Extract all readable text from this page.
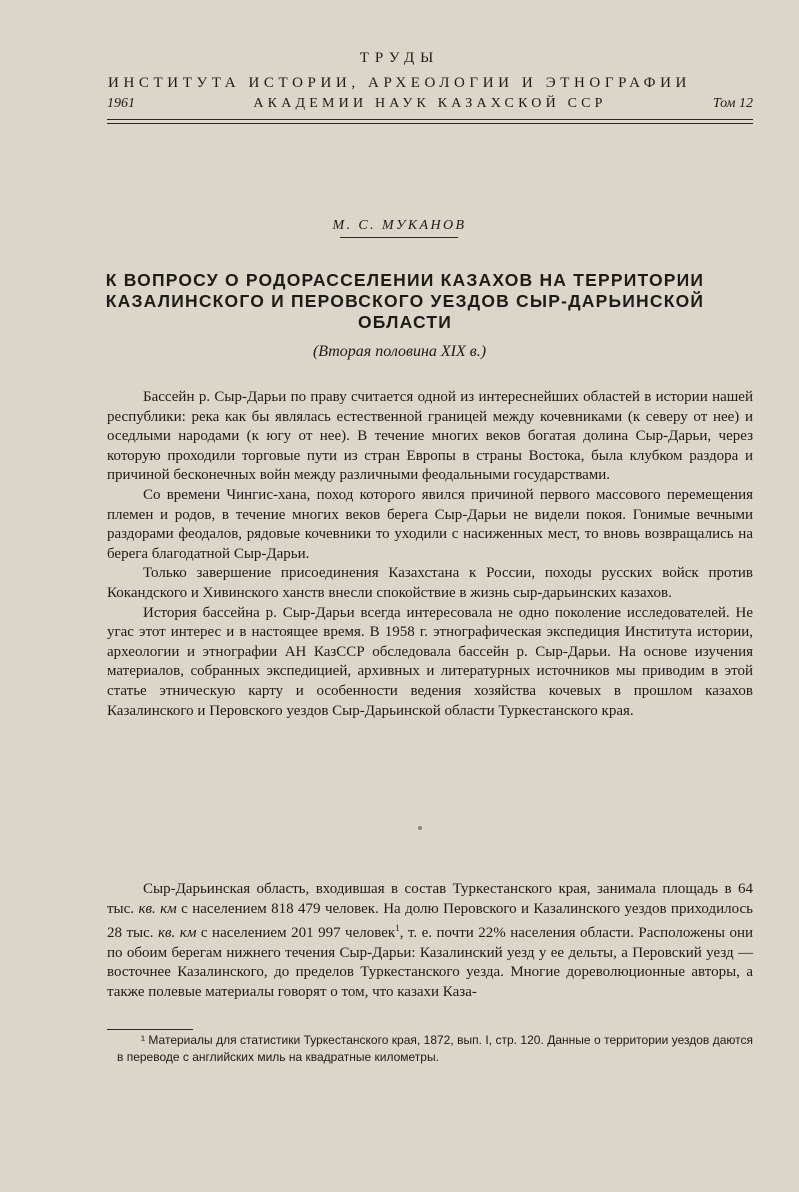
ТРУДЫ
ИНСТИТУТА ИСТОРИИ, АРХЕОЛОГИИ И ЭТНОГРАФИИ
1961	АКАДЕМИИ НАУК КАЗАХСКОЙ ССР	Том 12
М. С. МУКАНОВ
К ВОПРОСУ О РОДОРАССЕЛЕНИИ КАЗАХОВ НА ТЕРРИТОРИИ КАЗАЛИНСКОГО И ПЕРОВСКОГО УЕЗДОВ СЫР-ДАРЬИНСКОЙ ОБЛАСТИ
(Вторая половина XIX в.)

Бассейн р. Сыр-Дарьи по праву считается одной из интереснейших областей в истории нашей республики: река как бы являлась естественной границей между кочевниками (к северу от нее) и оседлыми народами (к югу от нее). В течение многих веков богатая долина Сыр-Дарьи, через которую проходили торговые пути из стран Европы в страны Востока, была клубком раздора и причиной бесконечных войн между различными феодальными государствами.

Со времени Чингис-хана, поход которого явился причиной первого массового перемещения племен и родов, в течение многих веков берега Сыр-Дарьи не видели покоя. Гонимые вечными раздорами феодалов, рядовые кочевники то уходили с насиженных мест, то вновь возвращались на берега благодатной Сыр-Дарьи.

Только завершение присоединения Казахстана к России, походы русских войск против Кокандского и Хивинского ханств внесли спокойствие в жизнь сыр-дарьинских казахов.

История бассейна р. Сыр-Дарьи всегда интересовала не одно поколение исследователей. Не угас этот интерес и в настоящее время. В 1958 г. этнографическая экспедиция Института истории, археологии и этнографии АН КазССР обследовала бассейн р. Сыр-Дарьи. На основе изучения материалов, собранных экспедицией, архивных и литературных источников мы приводим в этой статье этническую карту и особенности ведения хозяйства кочевых в прошлом казахов Казалинского и Перовского уездов Сыр-Дарьинской области Туркестанского края.

Сыр-Дарьинская область, входившая в состав Туркестанского края, занимала площадь в 64 тыс. кв. км с населением 818 479 человек. На долю Перовского и Казалинского уездов приходилось 28 тыс. кв. км с населением 201 997 человек$^1$, т. е. почти 22% населения области. Расположены они по обоим берегам нижнего течения Сыр-Дарьи: Казалинский уезд у ее дельты, а Перовский уезд — восточнее Казалинского, до пределов Туркестанского уезда. Многие дореволюционные авторы, а также полевые материалы говорят о том, что казахи Каза-

¹ Материалы для статистики Туркестанского края, 1872, вып. I, стр. 120. Данные о территории уездов даются в переводе с английских миль на квадратные километры.
